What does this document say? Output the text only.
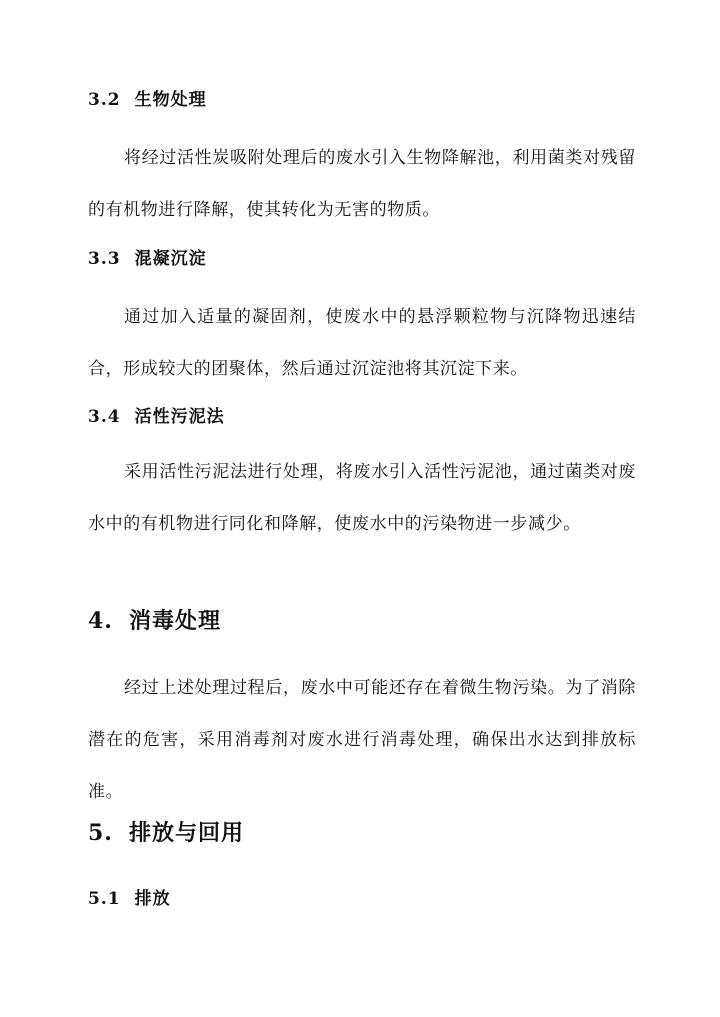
3.2 生物处理
将经过活性炭吸附处理后的废水引入生物降解池，利用菌类对残留的有机物进行降解，使其转化为无害的物质。
3.3 混凝沉淀
通过加入适量的凝固剂，使废水中的悬浮颗粒物与沉降物迅速结合，形成较大的团聚体，然后通过沉淀池将其沉淀下来。
3.4 活性污泥法
采用活性污泥法进行处理，将废水引入活性污泥池，通过菌类对废水中的有机物进行同化和降解，使废水中的污染物进一步减少。
4. 消毒处理
经过上述处理过程后，废水中可能还存在着微生物污染。为了消除潜在的危害，采用消毒剂对废水进行消毒处理，确保出水达到排放标准。
5. 排放与回用
5.1 排放
